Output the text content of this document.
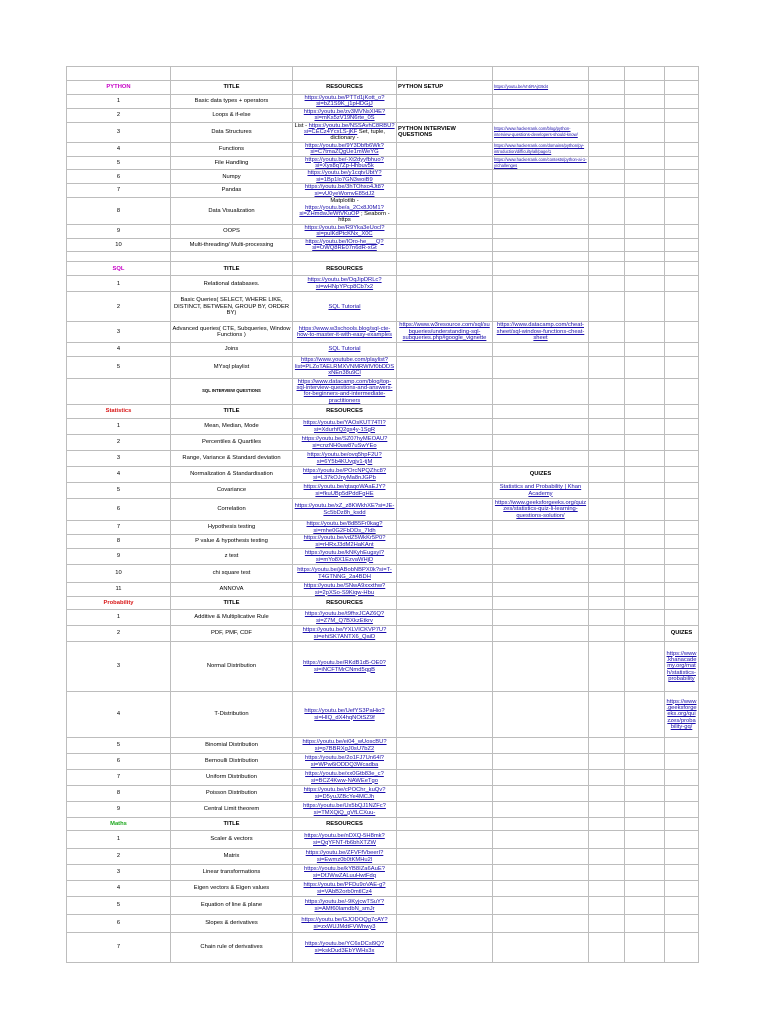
PYTHON	TITLE	RESOURCES	PYTHON SETUP	https://youtu.be/Vr4iRAjG9d4			
1	Basic data types + operators	https://youtu.be/PTTd1jKott_o?si=bZ1S9K_j1pHDGjJ					
2	Loops & if-else	https://youtu.be/zv3MVNsXl4E?si=mKs5zV19N6rte_0S					
3	Data Structures	List - https://youtu.be/NSSAvhC8RBU?si=CECz4YcxLS-jKF Set, tuple, dictionary -	PYTHON INTERVIEW QUESTIONS	https://www.hackerrank.com/blog/python-interview-questions-developers-should-know/			
4	Functions	https://youtu.be/9Y3Dbfb6Wk?si=C7tmaZQgUe1mWeYG		https://www.hackerrank.com/domains/python/py-introduction/difficulty/all/page/1			
5	File Handling	https://youtu.be/-Xt2dyyfbhuo?si=Xys8q7Zp-Hhbuv5k		https://www.hackerrank.com/contests/python-ai-1-y/challenges			
6	Numpy	https://youtu.be/y1cqtvUbtY?si=1Bp1lo7GN3woiB9					
7	Pandas	https://youtu.be/3hTOhxo4Jt8?si=vU0yeWomvE85dJ2					
8	Data Visualization	Matplotlib - https://youtu.be/a_2Cx8J0M1?si=ZHmdwJeWtVKuOP ; Seaborn - https					
9	OOPS	https://youtu.be/R9Yka3eUocl?si=pulKdPtcKNx_X0C					
10	Multi-threading/ Multi-processing	https://youtu.be/IOro-he___Q?si=OWQ8RE07n6dR-xGt					

SQL	TITLE	RESOURCES					
1	Relational databases.	https://youtu.be/OqJipDRLc?si=wHNpYPcp8Cb7x2					
2	Basic Queries( SELECT, WHERE LIKE, DISTINCT, BETWEEN, GROUP BY, ORDER BY)	SQL Tutorial					
3	Advanced queries( CTE, Subqueries, Window Functions )	https://www.w3schools.blog/sql-cte-how-to-master-it-with-easy-examples	https://www.w3resource.com/sql/subqueries/understanding-sql-subqueries.php#google_vignette	https://www.datacamp.com/cheat-sheet/sql-window-functions-cheat-sheet			
4	Joins	SQL Tutorial					
5	MYsql playlist	https://www.youtube.com/playlist?list=PLZoTAELRMXVNMRWlVf0bDDSxNEn38u9Cl					
	SQL INTERVIEW QUESTIONS	https://www.datacamp.com/blog/top-sql-interview-questions-and-answers-for-beginners-and-intermediate-practitioners					
Statistics	TITLE	RESOURCES					
1	Mean, Median, Mode	https://youtu.be/YAOsKUT74TI?si=XdurhfQ2gx4y-1SgR					
2	Percentiles & Quartiles	https://youtu.be/SZ07hyMEOAU?si=cnzNH0uw87uSwYEo					
3	Range, Variance & Standard deviation	https://youtu.be/ovq5hpF2U?si=6Y5b4KUvgjv1-tjM					
4	Normalization & Standardisation	https://youtu.be/POrcNPQZhc8?si=L37kOJnyMa8nJGPb		QUIZES			
5	Covariance	https://youtu.be/qtaqoWAaEJY?si=fkuUBp5dPddFgHE		Statistics and Probability | Khan Academy			
6	Correlation	https://youtu.be/xZ_z8KWkhXE?si=JE-Sc5bDz8h_ksdd		https://www.geeksforgeeks.org/quizzes/statistics-quiz-li-learning-questions-solution/			
7	Hypothesis testing	https://youtu.be/8dB5Fr0kag?si=mhe0G2FbDDs_7Idh					
8	P value & hypothesis testing	https://youtu.be/vdZ5WkKr5P0?si=rHRxJ3dM2HaKAnt					
9	z test	https://youtu.be/kNKyhEugsyI?si=mYo8X1EzvaWHjD					
10	chi square test	https://youtu.be/jABobNBPX0k?si=T-T4GTNNG_2a4BDH					
11	ANNOVA	https://youtu.be/SNwA9xxxthw?si=2pXSo-S9Kiqw-Hbu					
Probability	TITLE	RESOURCES					
1	Additive & Multiplicative Rule	https://youtu.be/t9fhxJCAZ6Q?si=Z7M_Q7BXkzEtkrv					
2	PDF, PMF, CDF	https://youtu.be/YXLVICKVP7U?si=ehiSK7ANTX6_QaiD					QUIZES
3	Normal Distribution	https://youtu.be/RKdB1d5-OE0?si=iNCFTMrCNmd5qgB					https://www.khanacademy.org/math/statistics-probability
4	T-Distribution	https://youtu.be/UefYS3PaHio?si=HIQ_dX4hqNOtSZ9f					https://www.geeksforgeeks.org/quizzes/probability-gq/
5	Binomial Distribution	https://youtu.be/ei04_wUoscBU?si=p7BBRXgJ0sU7bZ2					
6	Bernoulli Distribution	https://youtu.be/2o1FJ7Un64l?si=WPw6iODDQ3Wcadba					
7	Uniform Distribution	https://youtu.be/xx0Gtb83e_c?si=BCZ4Kww-NAWEeTgo					
8	Poisson Distribution	https://youtu.be/cPOChr_kuQv?si=D5yuJZBcYe4MCJh					
9	Central Limit theorem	https://youtu.be/Ux5bQJ1NZFc?si=TMXQiQ_gVfLCXuu-					
Maths	TITLE	RESOURCES					
1	Scaler & vectors	https://youtu.be/nDXQ-5H8mk?si=QqYFNT-fb6bhXTZW					
2	Matrix	https://youtu.be/ZFVFfVbeerI?si=Ewmz0b0tKMHu2l					
3	Linear transformations	https://youtu.be/kYB8IZa6AuE?si=DfJWwZALuuHwtFdq					
4	Eigen vectors & Eigen values	https://youtu.be/PFDu9oVAE-g?si=VAbB2orb0mtlCz4					
5	Equation of line & plane	https://youtu.be/-9KyjcwTSuY?si=AMf60lamdbN_smJr					
6	Slopes & derivatives	https://youtu.be/GJODOQg7cAY?si=zxWUJMdtFVWhwy3					
7	Chain rule of derivatives	https://youtu.be/YC6sDCsl9Q?si=kskDud3EbYWHs3x					
